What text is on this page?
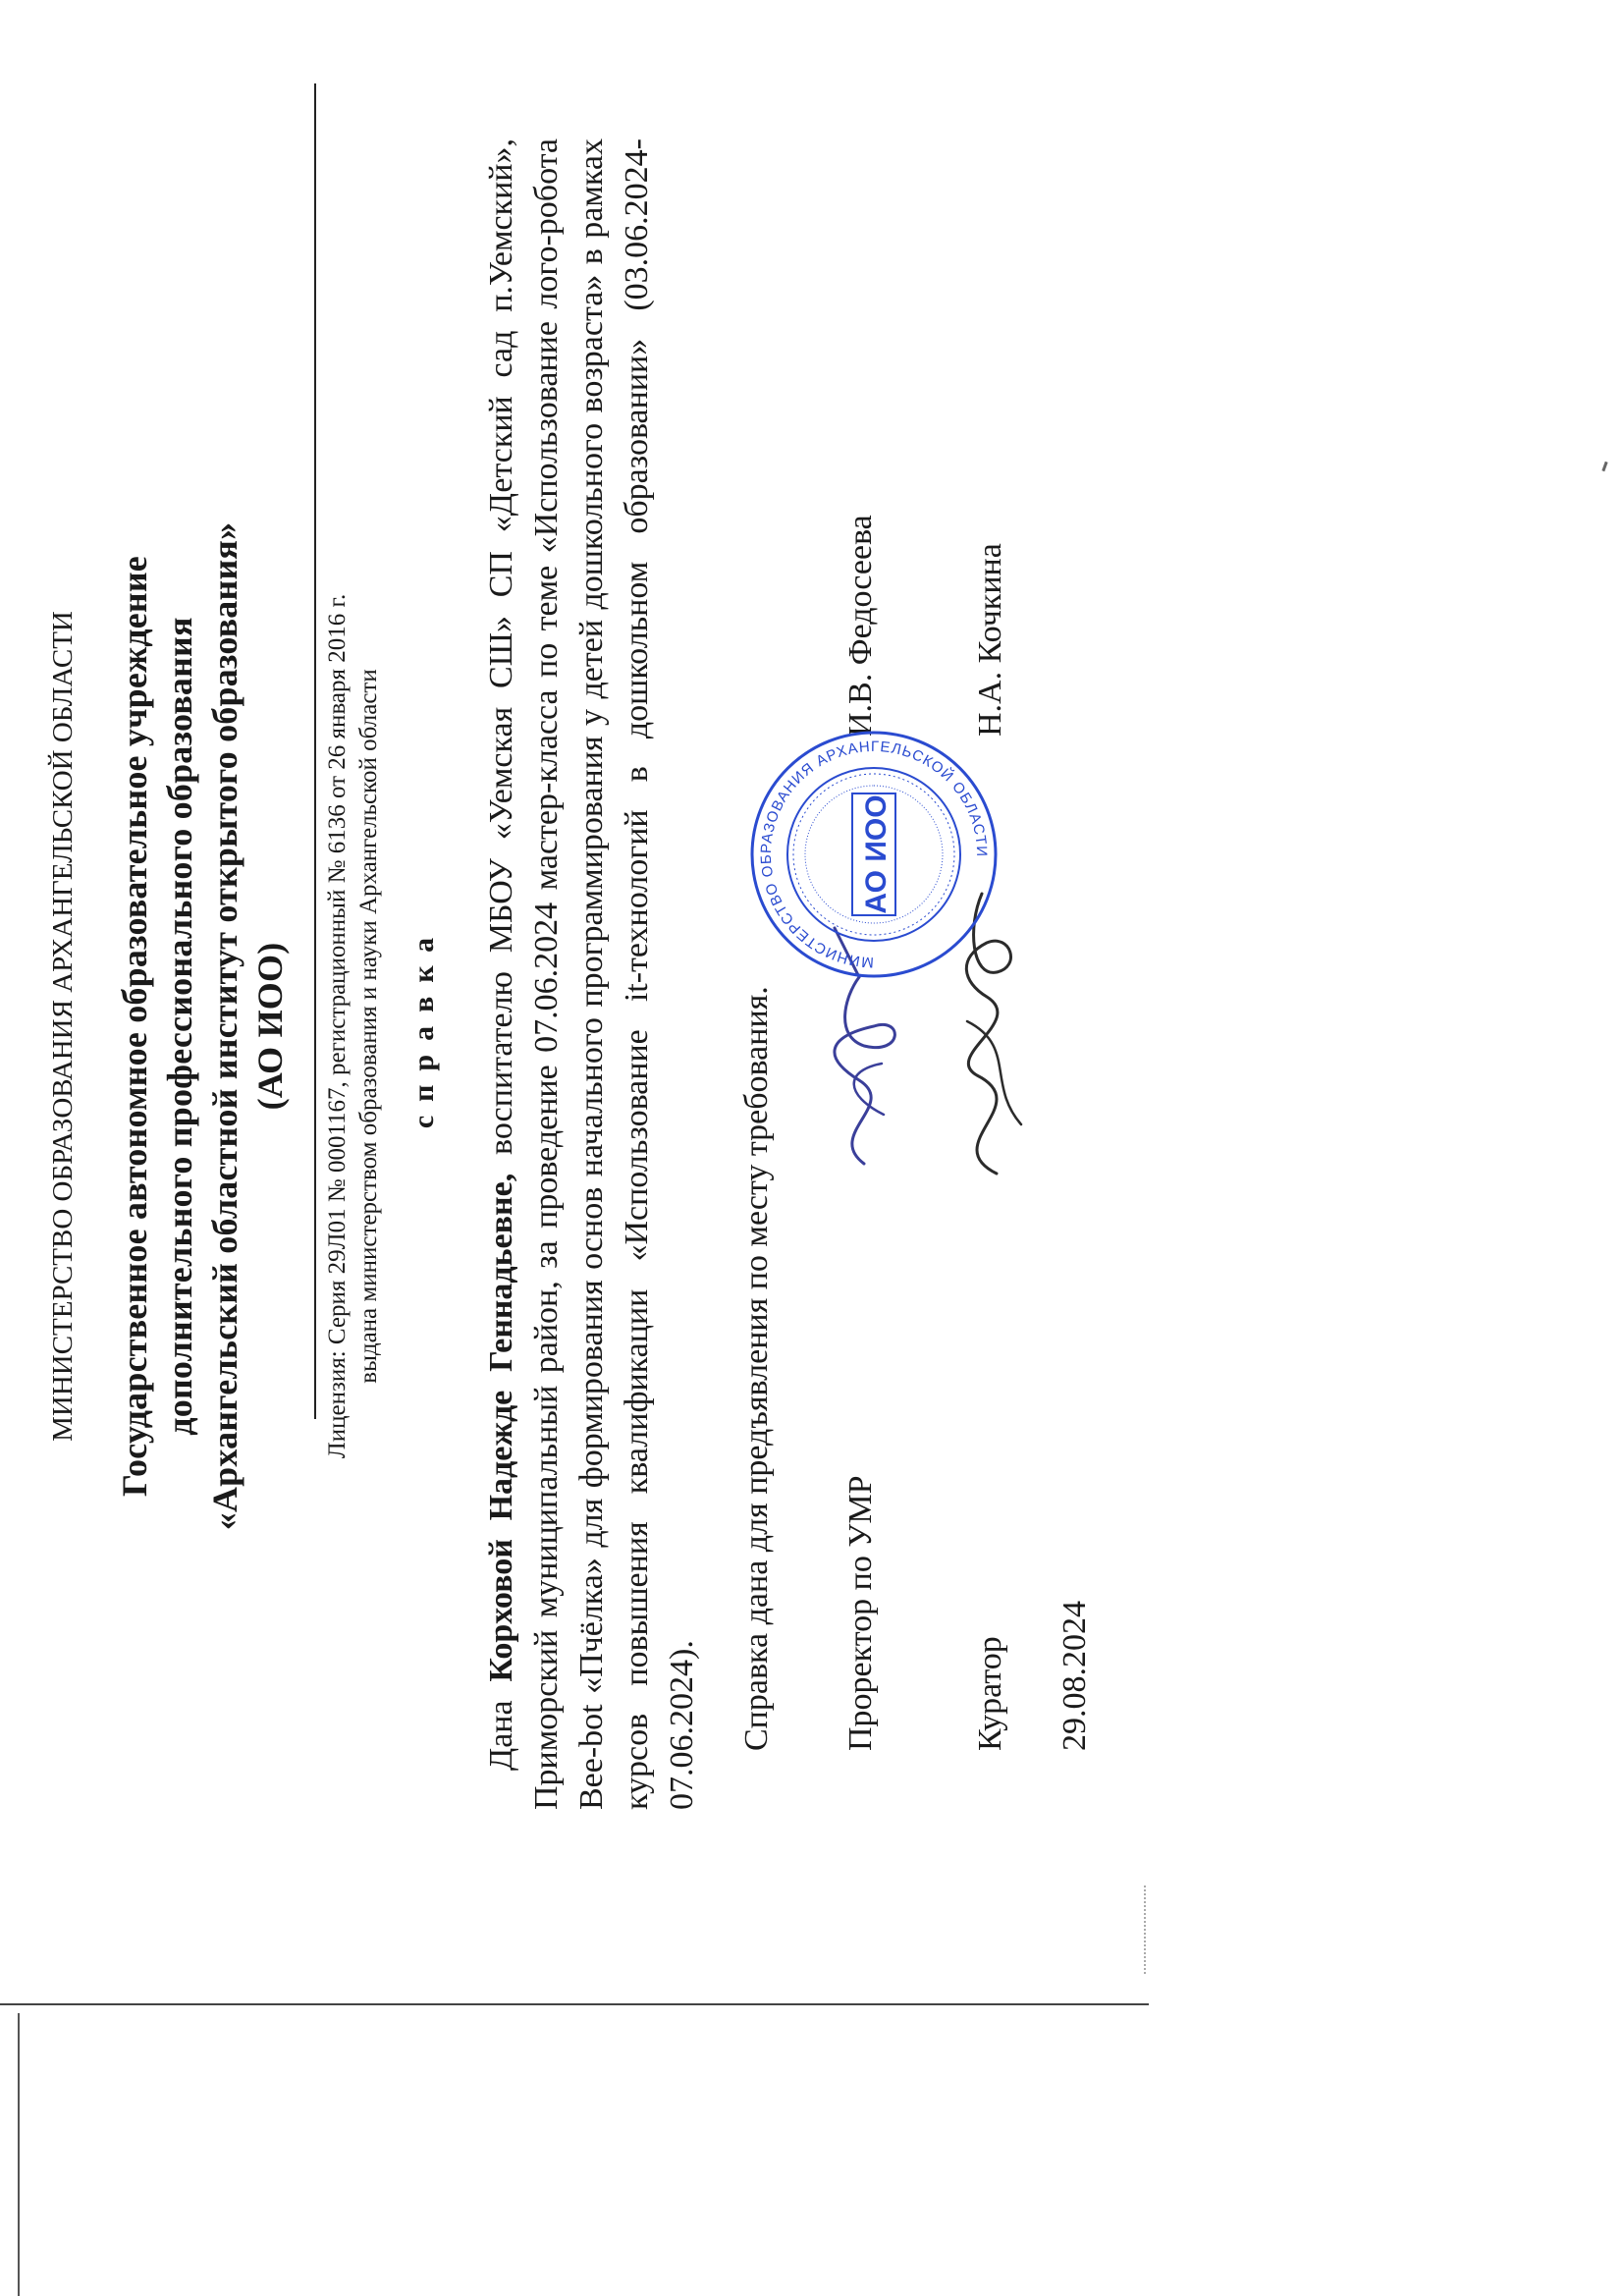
МИНИСТЕРСТВО ОБРАЗОВАНИЯ АРХАНГЕЛЬСКОЙ ОБЛАСТИ Государственное автономное образовательное учреждение дополнительного профессионального образования «Архангельский областной институт открытого образования» (АО ИОО) Лицензия: Серия 29Л01 № 0001167, регистрационный № 6136 от 26 января 2016 г. выдана министерством образования и науки Архангельской области справка
Дана Корховой Надежде Геннадьевне, воспитателю МБОУ «Уемская СШ» СП «Детский сад п.Уемский», Приморский муниципальный район, за проведение 07.06.2024 мастер-класса по теме «Использование лого-робота Bee-bot «Пчёлка» для формирования основ начального программирования у детей дошкольного возраста» в рамках курсов повышения квалификации «Использование it-технологий в дошкольном образовании» (03.06.2024- 07.06.2024). Справка дана для предъявления по месту требования. Проректор по УМР
И.В. Федосеева
Куратор
Н.А. Кочкина
29.08.2024
МИНИСТЕРСТВО ОБРАЗОВАНИЯ АРХАНГЕЛЬСКОЙ ОБЛАСТИ
АО ИОО
